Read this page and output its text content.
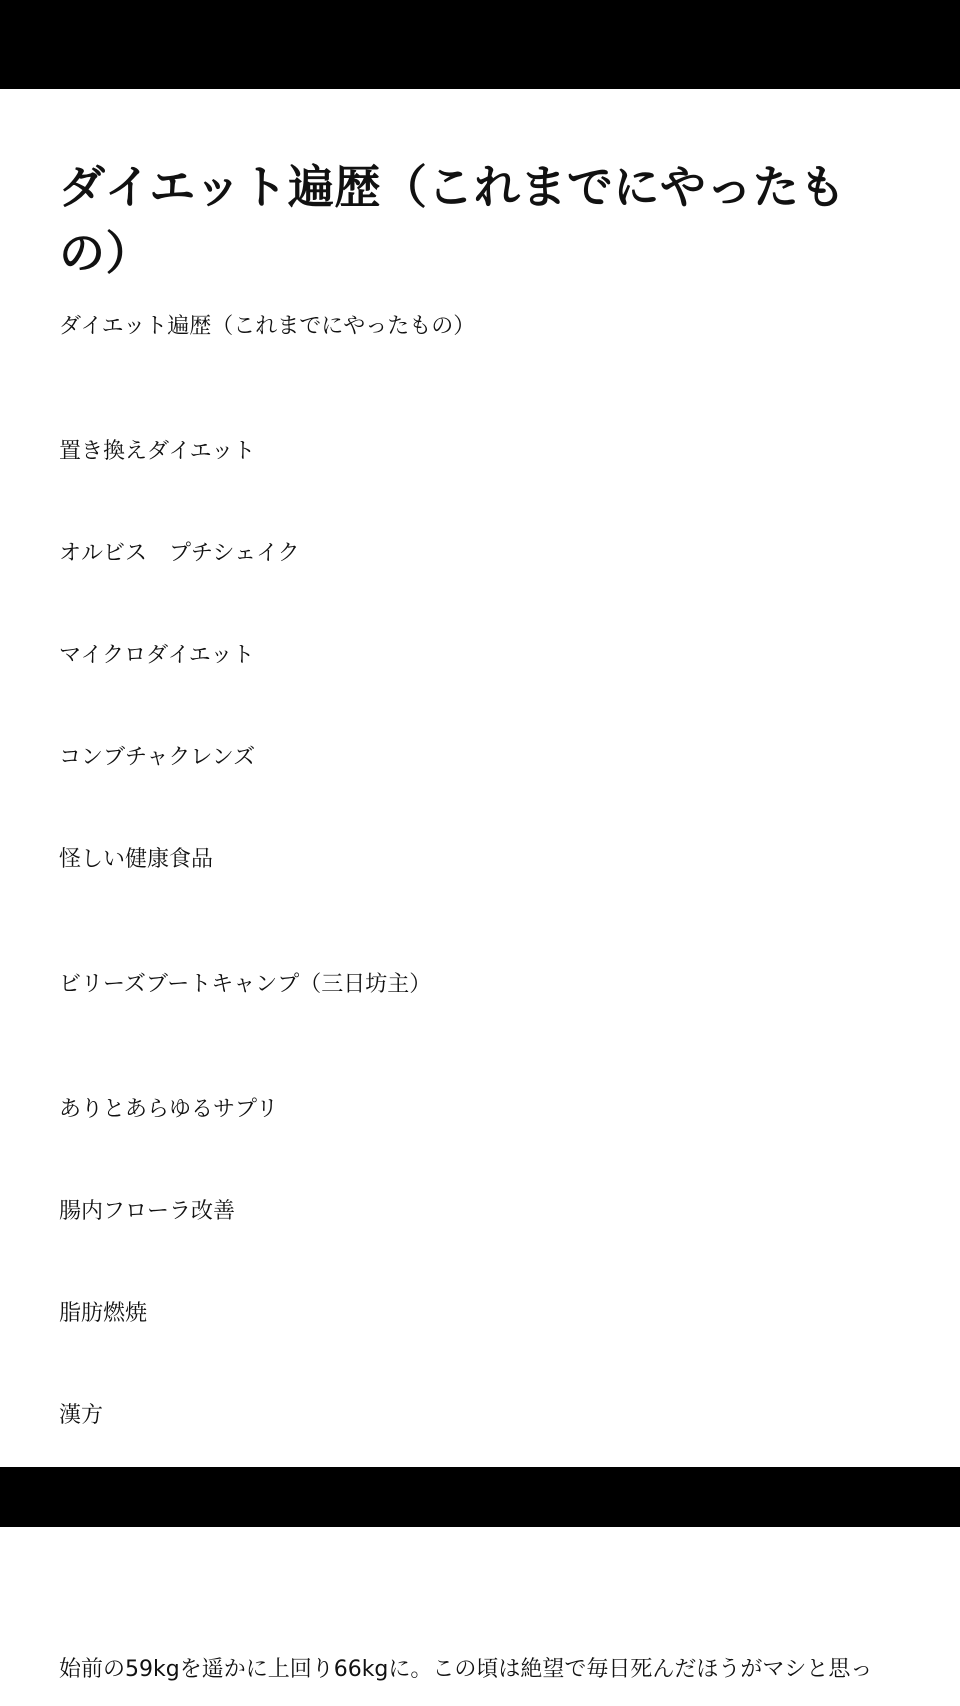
ダイエット遍歴（これまでにやったもの）

ダイエット遍歴（これまでにやったもの）

置き換えダイエット

オルビス　プチシェイク

マイクロダイエット

コンブチャクレンズ

怪しい健康食品

ビリーズブートキャンプ（三日坊主）

ありとあらゆるサプリ

腸内フローラ改善

脂肪燃焼

漢方

始前の59kgを遥かに上回り66kgに。この頃は絶望で毎日死んだほうがマシと思っ
